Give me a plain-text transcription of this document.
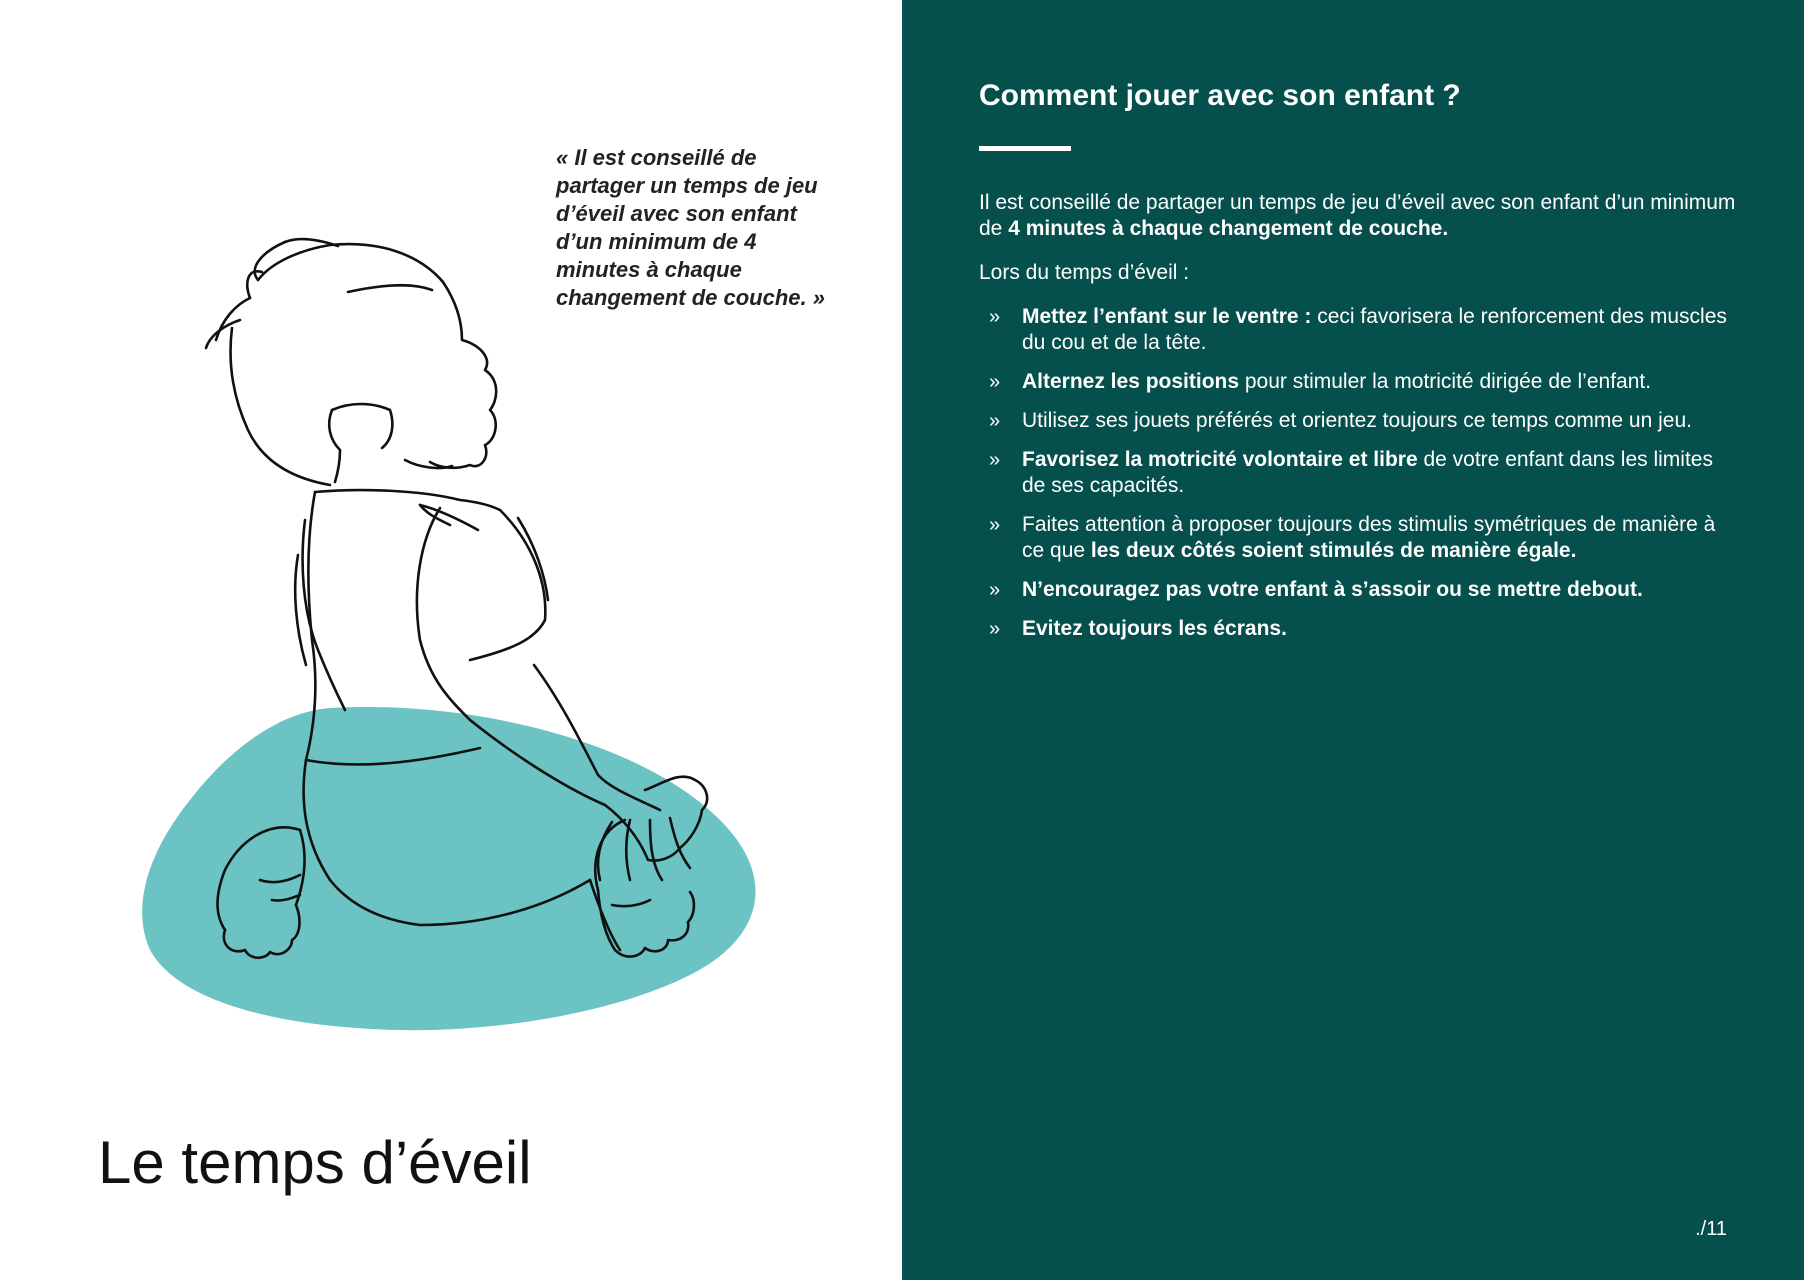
« Il est conseillé de partager un temps de jeu d’éveil avec son enfant d’un minimum de 4 minutes à chaque changement de couche. »
Le temps d’éveil
Comment jouer avec son enfant ?

Il est conseillé de partager un temps de jeu d’éveil avec son enfant d’un minimum de 4 minutes à chaque changement de couche.

Lors du temps d’éveil :

» Mettez l’enfant sur le ventre : ceci favorisera le renforcement des muscles du cou et de la tête.
» Alternez les positions pour stimuler la motricité dirigée de l’enfant.
» Utilisez ses jouets préférés et orientez toujours ce temps comme un jeu.
» Favorisez la motricité volontaire et libre de votre enfant dans les limites de ses capacités.
» Faites attention à proposer toujours des stimulis symétriques de manière à ce que les deux côtés soient stimulés de manière égale.
» N’encouragez pas votre enfant à s’assoir ou se mettre debout.
» Evitez toujours les écrans.
./11
